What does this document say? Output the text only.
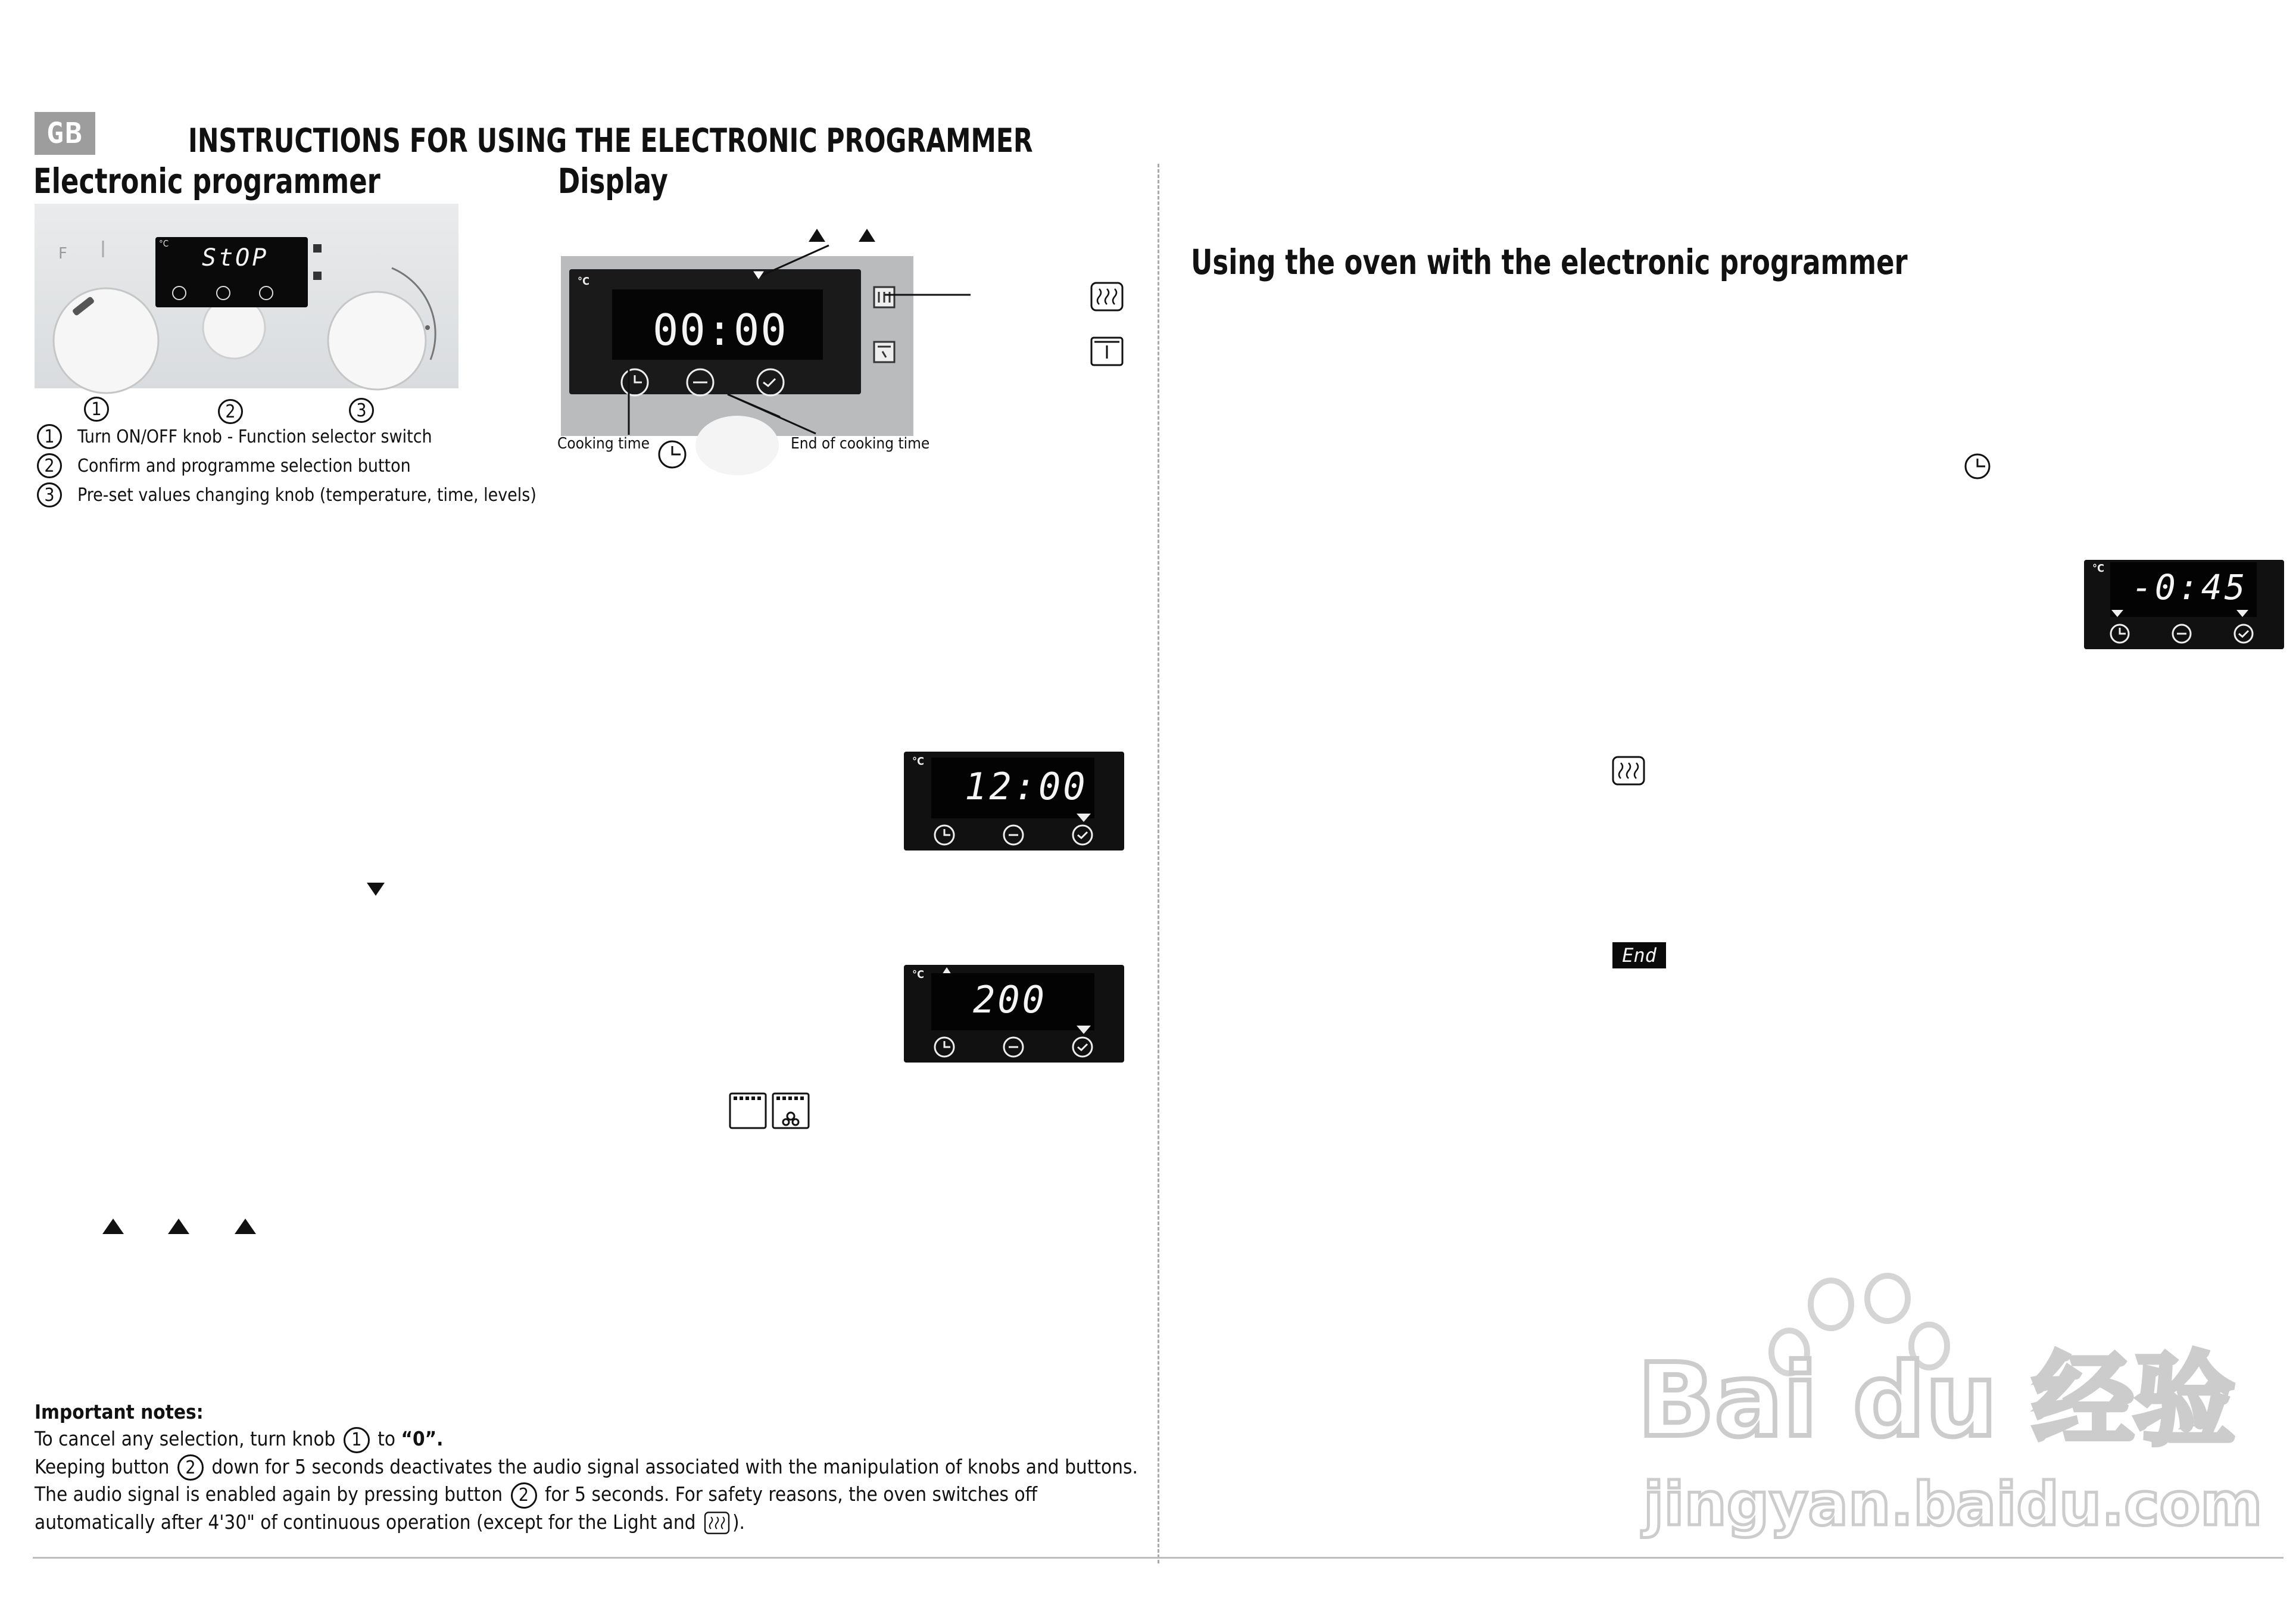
GB	INSTRUCTIONS FOR USING THE ELECTRONIC PROGRAMMER
Electronic programmer	Display
F
°C
StOP
1	2	3
1	Turn ON/OFF knob - Function selector switch
2	Confirm and programme selection button
3	Pre-set values changing knob (temperature, time, levels)
°C
00:00
Cooking time	End of cooking time
°C
12:00
°C
200
Important notes:
To cancel any selection, turn knob 1 to “0”.
Keeping button 2 down for 5 seconds deactivates the audio signal associated with the manipulation of knobs and buttons.
The audio signal is enabled again by pressing button 2 for 5 seconds. For safety reasons, the oven switches off
automatically after 4'30" of continuous operation (except for the Light and ).
Using the oven with the electronic programmer
°C -0:45
End
Bai du 经验
jingyan.baidu.com
